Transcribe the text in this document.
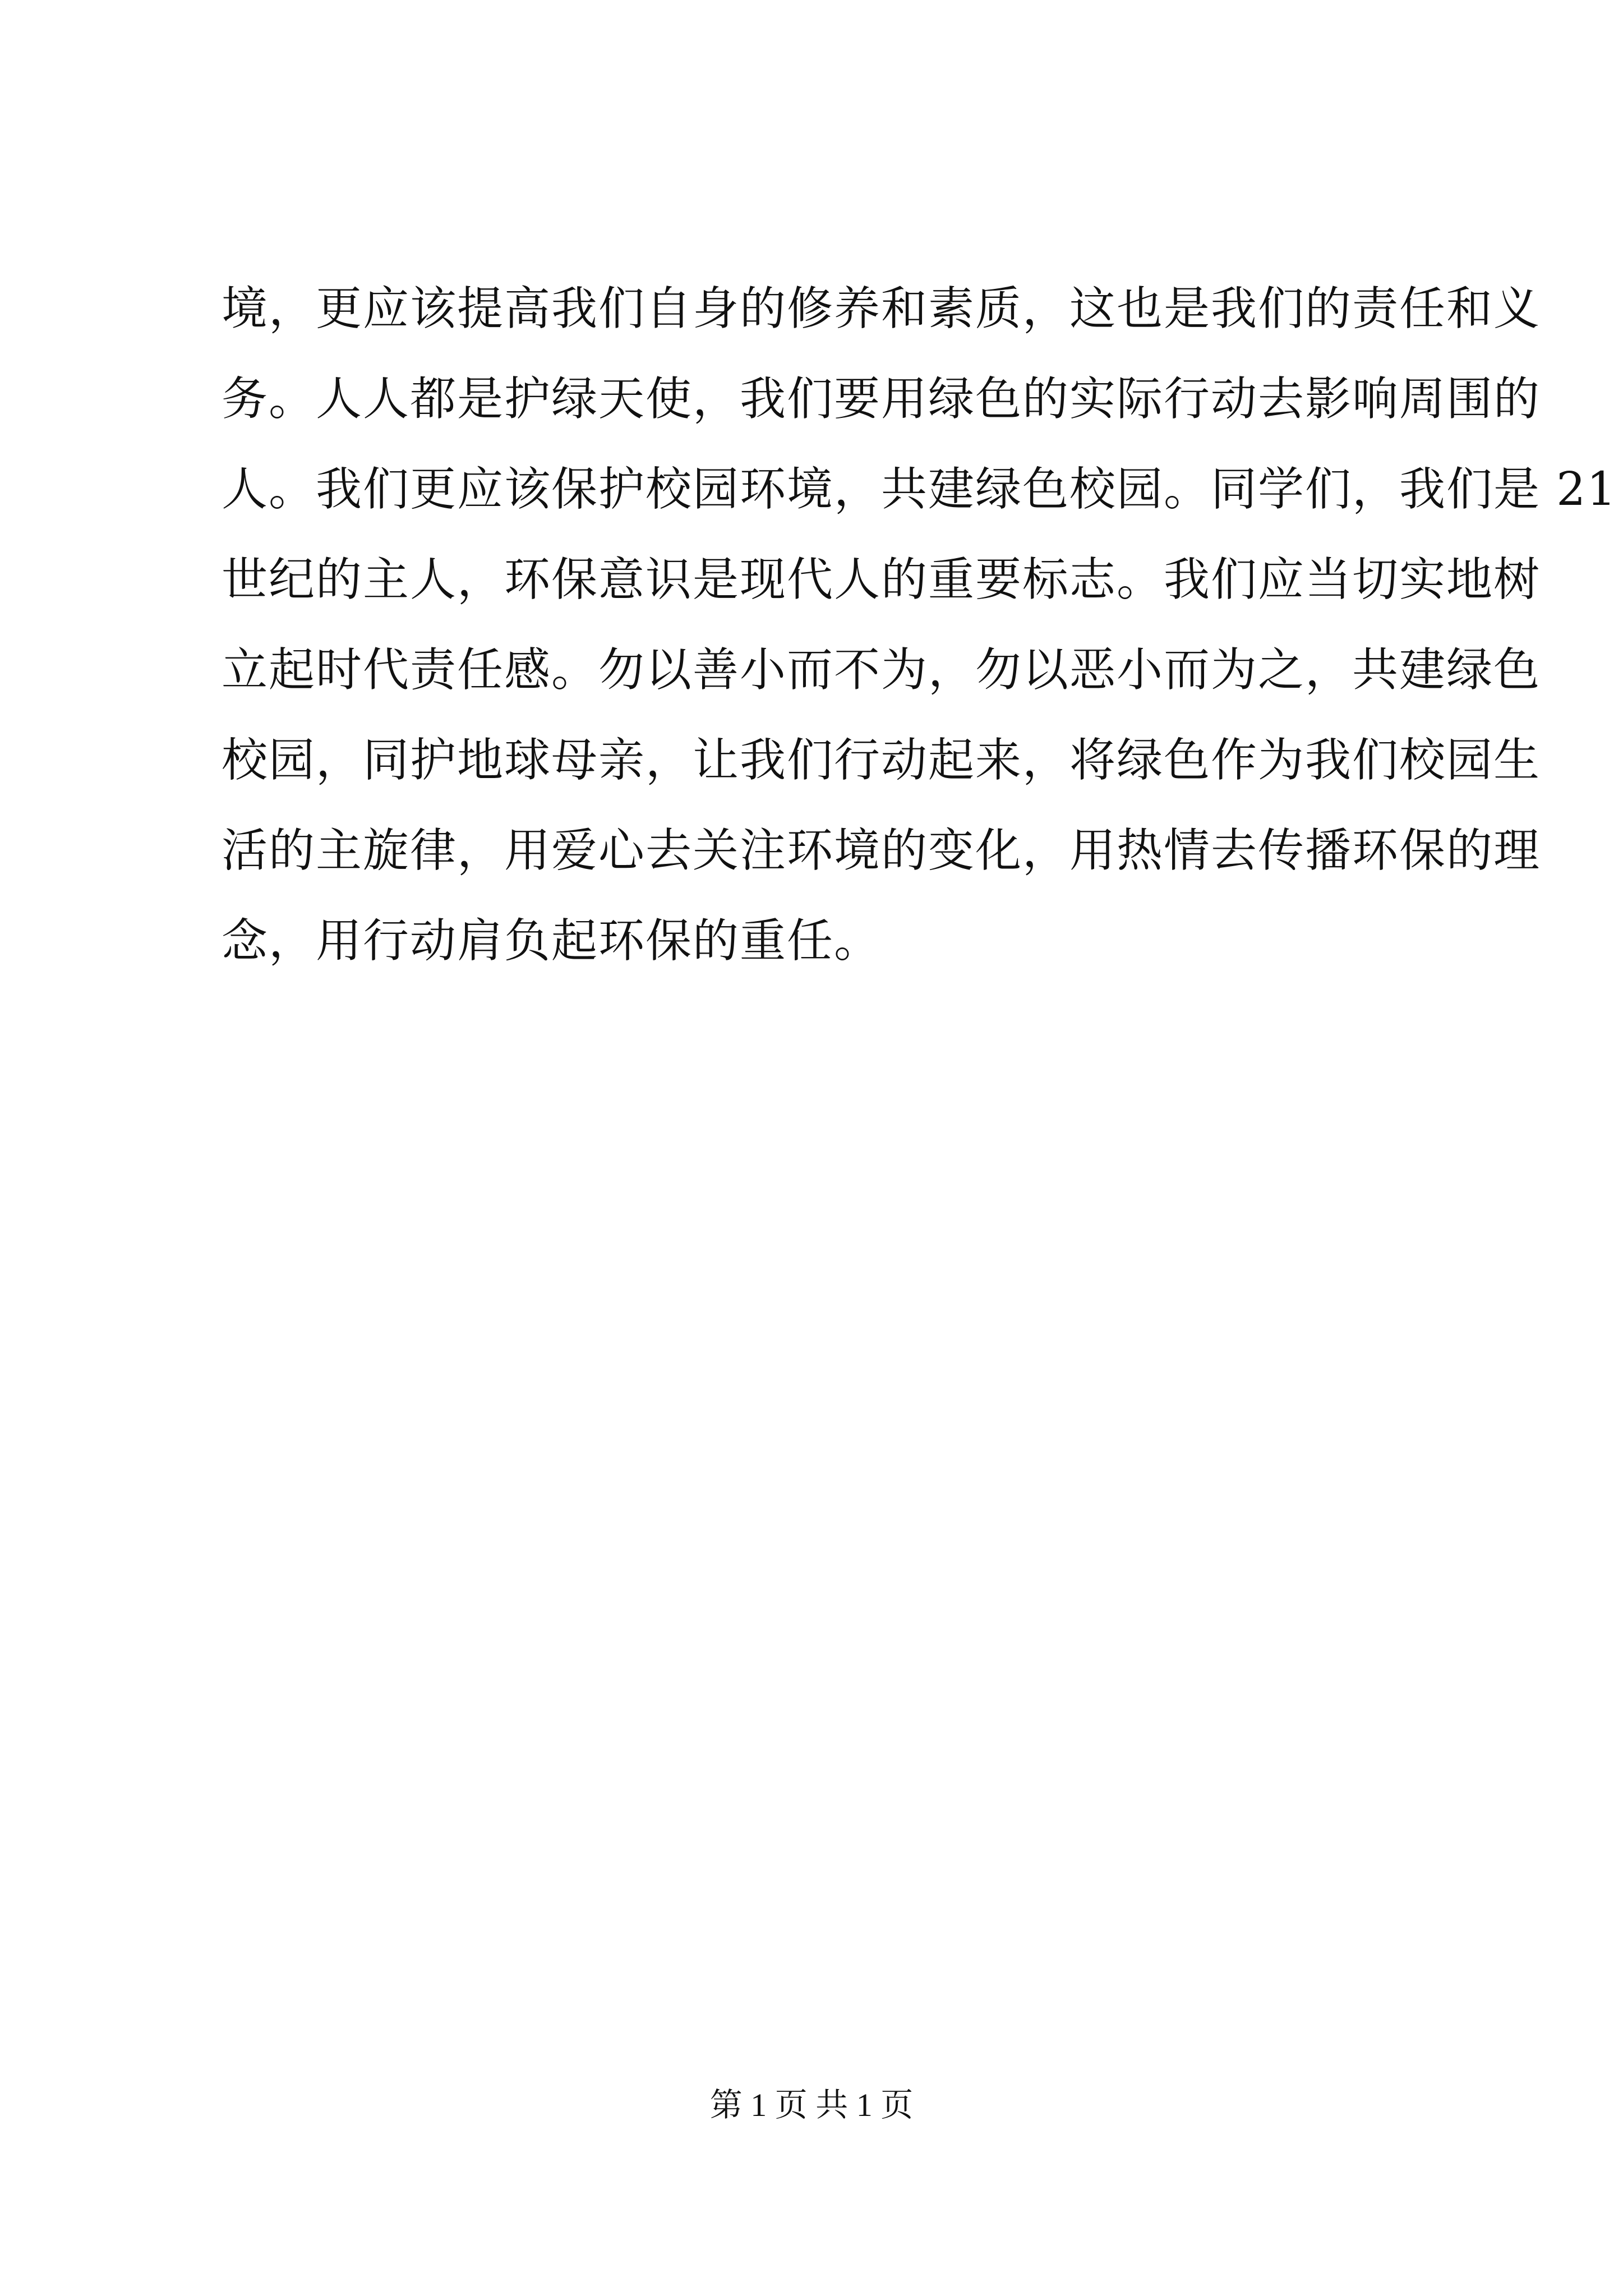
境，更应该提高我们自身的修养和素质，这也是我们的责任和义
务。人人都是护绿天使，我们要用绿色的实际行动去影响周围的
人。我们更应该保护校园环境，共建绿色校园。同学们，我们是 21
世纪的主人，环保意识是现代人的重要标志。我们应当切实地树
立起时代责任感。勿以善小而不为，勿以恶小而为之，共建绿色
校园，同护地球母亲，让我们行动起来，将绿色作为我们校园生
活的主旋律，用爱心去关注环境的变化，用热情去传播环保的理
念，用行动肩负起环保的重任。
第 1 页 共 1 页
